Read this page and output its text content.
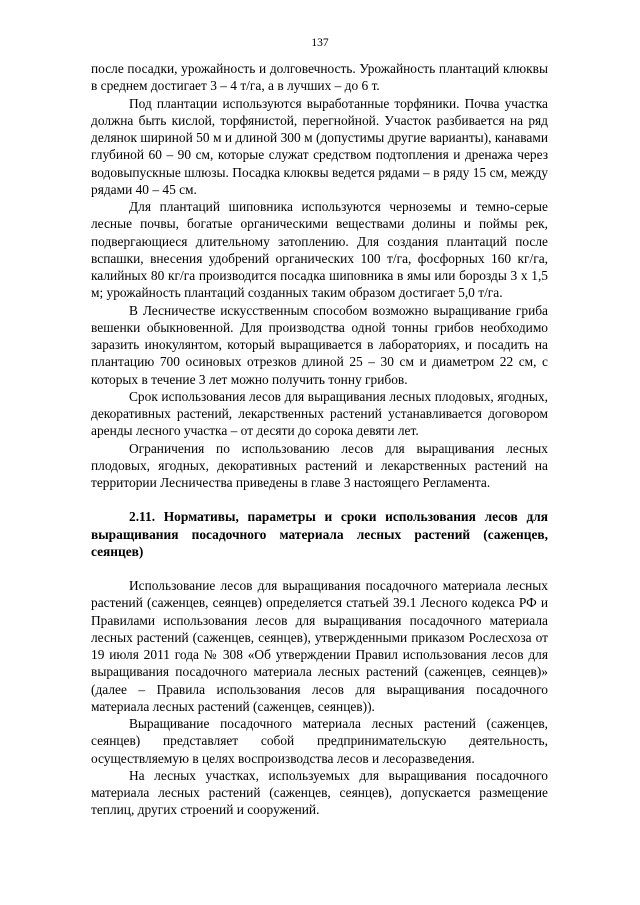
137

после посадки, урожайность и долговечность. Урожайность плантаций клюквы в среднем достигает 3 – 4 т/га, а в лучших – до 6 т.

Под плантации используются выработанные торфяники. Почва участка должна быть кислой, торфянистой, перегнойной. Участок разбивается на ряд делянок шириной 50 м и длиной 300 м (допустимы другие варианты), канавами глубиной 60 – 90 см, которые служат средством подтопления и дренажа через водовыпускные шлюзы. Посадка клюквы ведется рядами – в ряду 15 см, между рядами 40 – 45 см.

Для плантаций шиповника используются черноземы и темно-серые лесные почвы, богатые органическими веществами долины и поймы рек, подвергающиеся длительному затоплению. Для создания плантаций после вспашки, внесения удобрений органических 100 т/га, фосфорных 160 кг/га, калийных 80 кг/га производится посадка шиповника в ямы или борозды 3 х 1,5 м; урожайность плантаций созданных таким образом достигает 5,0 т/га.

В Лесничестве искусственным способом возможно выращивание гриба вешенки обыкновенной. Для производства одной тонны грибов необходимо заразить инокулянтом, который выращивается в лабораториях, и посадить на плантацию 700 осиновых отрезков длиной 25 – 30 см и диаметром 22 см, с которых в течение 3 лет можно получить тонну грибов.

Срок использования лесов для выращивания лесных плодовых, ягодных, декоративных растений, лекарственных растений устанавливается договором аренды лесного участка – от десяти до сорока девяти лет.

Ограничения по использованию лесов для выращивания лесных плодовых, ягодных, декоративных растений и лекарственных растений на территории Лесничества приведены в главе 3 настоящего Регламента.

2.11. Нормативы, параметры и сроки использования лесов для выращивания посадочного материала лесных растений (саженцев, сеянцев)

Использование лесов для выращивания посадочного материала лесных растений (саженцев, сеянцев) определяется статьей 39.1 Лесного кодекса РФ и Правилами использования лесов для выращивания посадочного материала лесных растений (саженцев, сеянцев), утвержденными приказом Рослесхоза от 19 июля 2011 года № 308 «Об утверждении Правил использования лесов для выращивания посадочного материала лесных растений (саженцев, сеянцев)» (далее – Правила использования лесов для выращивания посадочного материала лесных растений (саженцев, сеянцев)).

Выращивание посадочного материала лесных растений (саженцев, сеянцев) представляет собой предпринимательскую деятельность, осуществляемую в целях воспроизводства лесов и лесоразведения.

На лесных участках, используемых для выращивания посадочного материала лесных растений (саженцев, сеянцев), допускается размещение теплиц, других строений и сооружений.
